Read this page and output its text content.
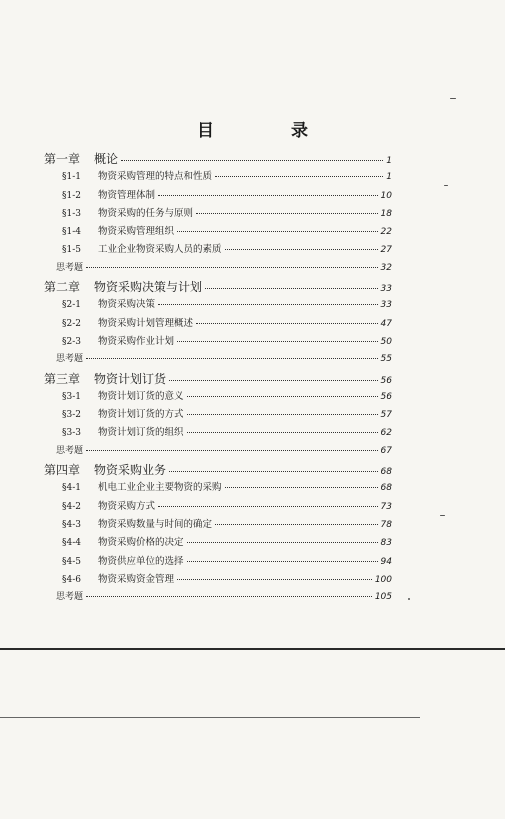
目　录
第一章	概论	1
§1-1	物资采购管理的特点和性质	1
§1-2	物资管理体制	10
§1-3	物资采购的任务与原则	18
§1-4	物资采购管理组织	22
§1-5	工业企业物资采购人员的素质	27
思考题	32
第二章	物资采购决策与计划	33
§2-1	物资采购决策	33
§2-2	物资采购计划管理概述	47
§2-3	物资采购作业计划	50
思考题	55
第三章	物资计划订货	56
§3-1	物资计划订货的意义	56
§3-2	物资计划订货的方式	57
§3-3	物资计划订货的组织	62
思考题	67
第四章	物资采购业务	68
§4-1	机电工业企业主要物资的采购	68
§4-2	物资采购方式	73
§4-3	物资采购数量与时间的确定	78
§4-4	物资采购价格的决定	83
§4-5	物资供应单位的选择	94
§4-6	物资采购资金管理	100
思考题	105
